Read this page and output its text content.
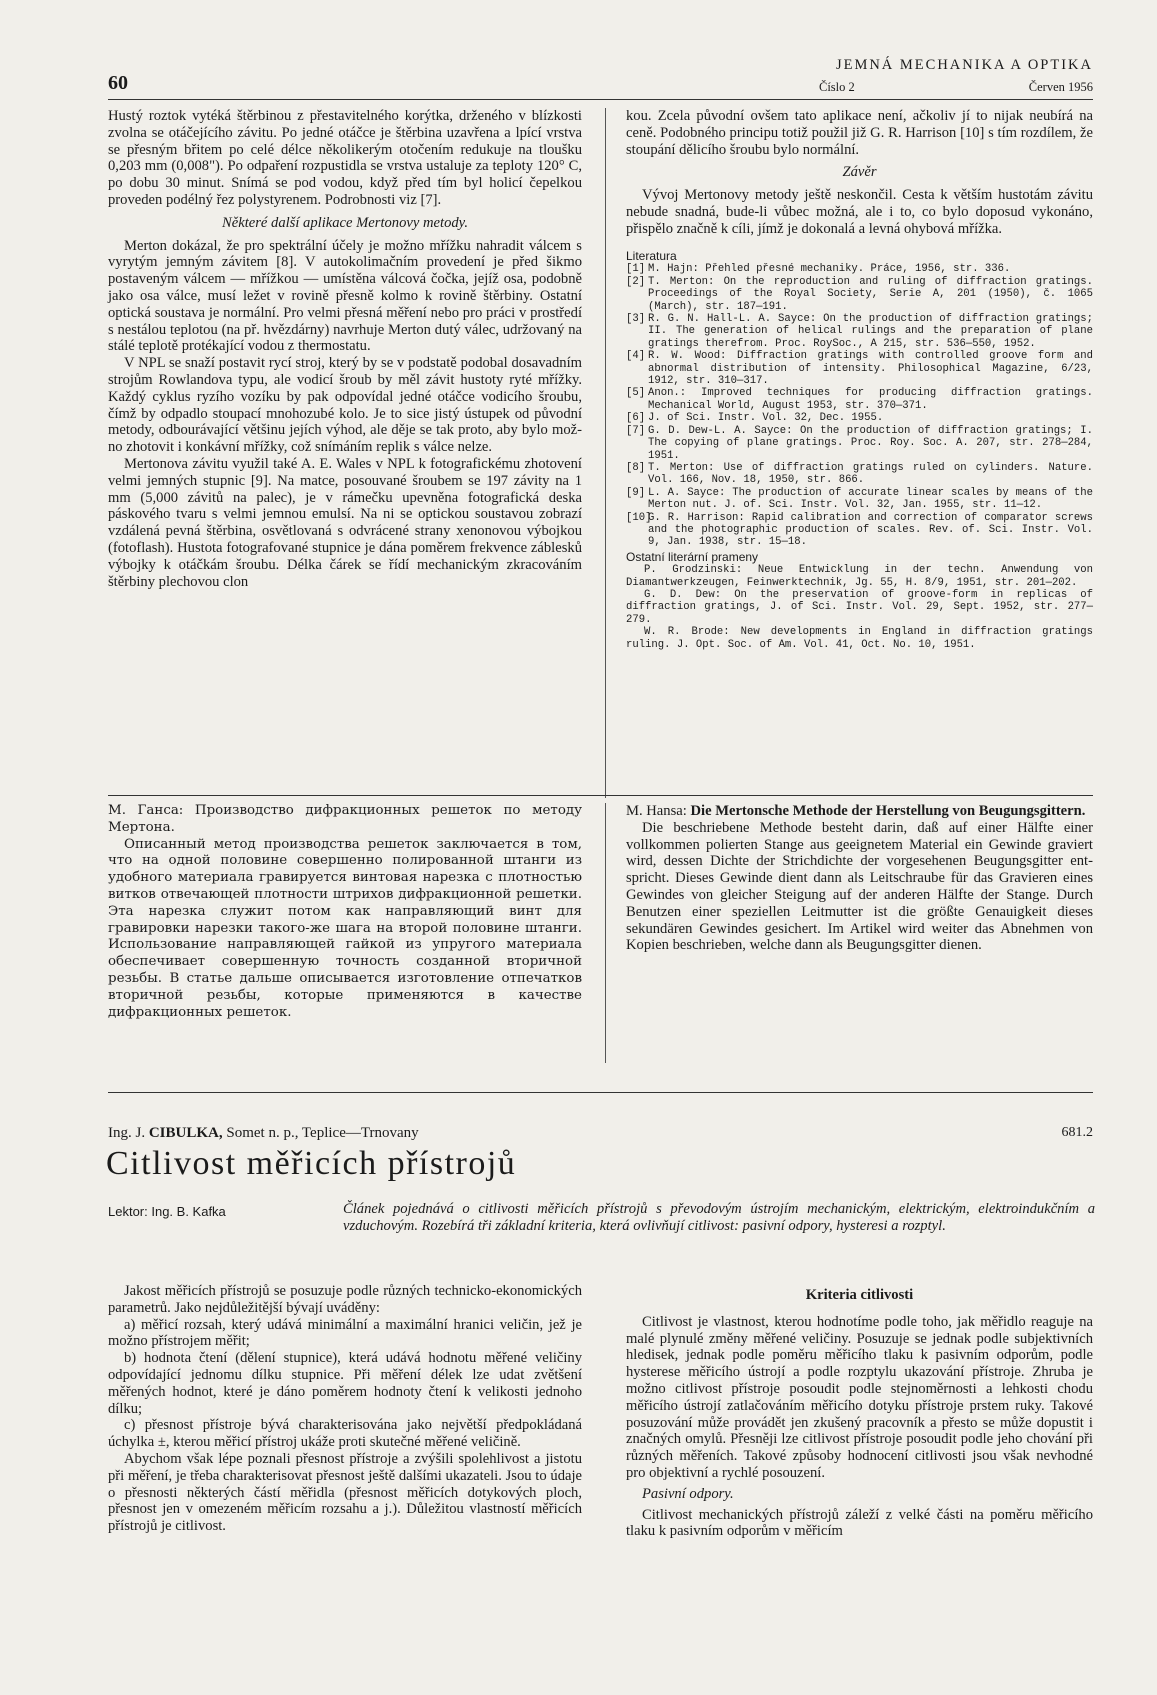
60
JEMNÁ MECHANIKA A OPTIKA
Číslo 2	Červen 1956

Hustý roztok vytéká štěrbinou z přestavitelného korýtka, drženého v blízkosti zvolna se otáčejícího závitu. Po jedné otáčce je štěrbina uzavřena a lpící vrstva se přesným břitem po celé délce několikerým otočením redukuje na tloušku 0,203 mm (0,008"). Po odpaření rozpustidla se vrstva ustaluje za teploty 120° C, po dobu 30 minut. Snímá se pod vodou, když před tím byl holicí čepelkou proveden podélný řez polystyrenem. Podrobnosti viz [7].

Některé další aplikace Mertonovy metody.

Merton dokázal, že pro spektrální účely je možno mřížku nahradit válcem s vyrytým jemným závitem [8]. V autokolimačním provedení je před šikmo postaveným válcem — mřížkou — umístěna válcová čočka, jejíž osa, podobně jako osa válce, musí ležet v rovině přesně kolmo k rovině štěrbiny. Ostatní optická soustava je normální. Pro velmi přesná měření nebo pro práci v prostředí s nestálou teplotou (na př. hvězdárny) navrhuje Merton dutý válec, udržovaný na stálé teplotě protékající vodou z thermostatu.

V NPL se snaží postavit rycí stroj, který by se v podstatě podobal dosavadním strojům Rowlandova typu, ale vodicí šroub by měl závit hustoty ryté mřížky. Každý cyklus ryzího vozíku by pak odpovídal jedné otáčce vodicího šroubu, čímž by odpadlo stoupací mnohozubé kolo. Je to sice jistý ústupek od původní metody, odbourávající většinu jejích výhod, ale děje se tak proto, aby bylo možno zhotovit i konkávní mřížky, což snímáním replik s válce nelze.

Mertonova závitu využil také A. E. Wales v NPL k fotografickému zhotovení velmi jemných stupnic [9]. Na matce, posouvané šroubem se 197 závity na 1 mm (5,000 závitů na palec), je v rámečku upevněna fotografická deska páskového tvaru s velmi jemnou emulsí. Na ni se optickou soustavou zobrazí vzdálená pevná štěrbina, osvětlovaná s odvrácené strany xenonovou výbojkou (fotoflash). Hustota fotografované stupnice je dána poměrem frekvence záblesků výbojky k otáčkám šroubu. Délka čárek se řídí mechanickým zkracováním štěrbiny plechovou clon

kou. Zcela původní ovšem tato aplikace není, ačkoliv jí to nijak neubírá na ceně. Podobného principu totiž použil již G. R. Harrison [10] s tím rozdílem, že stoupání dělicího šroubu bylo normální.

Závěr

Vývoj Mertonovy metody ještě neskončil. Cesta k větším hustotám závitu nebude snadná, bude-li vůbec možná, ale i to, co bylo doposud vykonáno, přispělo značně k cíli, jímž je dokonalá a levná ohybová mřížka.

Literatura
[1] M. Hajn: Přehled přesné mechaniky. Práce, 1956, str. 336.
[2] T. Merton: On the reproduction and ruling of diffraction gratings. Proceedings of the Royal Society, Serie A, 201 (1950), č. 1065 (March), str. 187—191.
[3] R. G. N. Hall-L. A. Sayce: On the production of diffraction gratings; II. The generation of helical rulings and the preparation of plane gratings therefrom. Proc. RoySoc., A 215, str. 536—550, 1952.
[4] R. W. Wood: Diffraction gratings with controlled groove form and abnormal distribution of intensity. Philosophical Magazine, 6/23, 1912, str. 310—317.
[5] Anon.: Improved techniques for producing diffraction gratings. Mechanical World, August 1953, str. 370—371.
[6] J. of Sci. Instr. Vol. 32, Dec. 1955.
[7] G. D. Dew-L. A. Sayce: On the production of diffraction gratings; I. The copying of plane gratings. Proc. Roy. Soc. A. 207, str. 278—284, 1951.
[8] T. Merton: Use of diffraction gratings ruled on cylinders. Nature. Vol. 166, Nov. 18, 1950, str. 866.
[9] L. A. Sayce: The production of accurate linear scales by means of the Merton nut. J. of. Sci. Instr. Vol. 32, Jan. 1955, str. 11—12.
[10]
G. R. Harrison: Rapid calibration and correction of comparator screws and the photographic production of scales. Rev. of. Sci. Instr. Vol. 9, Jan. 1938, str. 15—18.
Ostatní literární prameny
P. Grodzinski: Neue Entwicklung in der techn. Anwendung von Diamantwerkzeugen, Feinwerktechnik, Jg. 55, H. 8/9, 1951, str. 201—202.
G. D. Dew: On the preservation of groove-form in replicas of diffraction gratings, J. of Sci. Instr. Vol. 29, Sept. 1952, str. 277—279.
W. R. Brode: New developments in England in diffraction gratings ruling. J. Opt. Soc. of Am. Vol. 41, Oct. No. 10, 1951.

М. Ганса: Производство дифракционных решеток по методу Мертона.

Описанный метод производства решеток заключается в том, что на одной половине совершенно полированной штанги из удобного материала гравируется винтовая нарезка с плотностью витков отвечающей плотности штрихов дифракционной решетки. Эта нарезка служит потом как направляющий винт для гравировки нарезки такого-же шага на второй половине штанги. Использование направляющей гайкой из упругого материала обеспечивает совершенную точность созданной вторичной резьбы. В статье дальше описывается изготовление отпечатков вторичной резьбы, которые применяются в качестве дифракционных решеток.

M. Hansa: Die Mertonsche Methode der Herstellung von Beugungsgittern.

Die beschriebene Methode besteht darin, daß auf einer Hälfte einer vollkommen polierten Stange aus geeignetem Material ein Gewinde graviert wird, dessen Dichte der Strichdichte der vorgesehenen Beugungsgitter entspricht. Dieses Gewinde dient dann als Leitschraube für das Gravieren eines Gewindes von gleicher Steigung auf der anderen Hälfte der Stange. Durch Benutzen einer speziellen Leitmutter ist die größte Genauigkeit dieses sekundären Gewindes gesichert. Im Artikel wird weiter das Abnehmen von Kopien beschrieben, welche dann als Beugungsgitter dienen.

Ing. J. CIBULKA, Somet n. p., Teplice—Trnovany	681.2
Citlivost měřicích přístrojů
Lektor: Ing. B. Kafka	Článek pojednává o citlivosti měřicích přístrojů s převodovým ústrojím mechanickým, elektrickým, elektroindukčním a vzduchovým. Rozebírá tři základní kriteria, která ovlivňují citlivost: pasivní odpory, hysteresi a rozptyl.

Jakost měřicích přístrojů se posuzuje podle různých technicko-ekonomických parametrů. Jako nejdůležitější bývají uváděny:

a) měřicí rozsah, který udává minimální a maximální hranici veličin, jež je možno přístrojem měřit;

b) hodnota čtení (dělení stupnice), která udává hodnotu měřené veličiny odpovídající jednomu dílku stupnice. Při měření délek lze udat zvětšení měřených hodnot, které je dáno poměrem hodnoty čtení k velikosti jednoho dílku;

c) přesnost přístroje bývá charakterisována jako největší předpokládaná úchylka ±, kterou měřicí přístroj ukáže proti skutečné měřené veličině.

Abychom však lépe poznali přesnost přístroje a zvýšili spolehlivost a jistotu při měření, je třeba charakterisovat přesnost ještě dalšími ukazateli. Jsou to údaje o přesnosti některých částí měřidla (přesnost měřicích dotykových ploch, přesnost jen v omezeném měřicím rozsahu a j.). Důležitou vlastností měřicích přístrojů je citlivost.

Kriteria citlivosti

Citlivost je vlastnost, kterou hodnotíme podle toho, jak měřidlo reaguje na malé plynulé změny měřené veličiny. Posuzuje se jednak podle subjektivních hledisek, jednak podle poměru měřicího tlaku k pasivním odporům, podle hysterese měřicího ústrojí a podle rozptylu ukazování přístroje. Zhruba je možno citlivost přístroje posoudit podle stejnoměrnosti a lehkosti chodu měřicího ústrojí zatlačováním měřicího dotyku přístroje prstem ruky. Takové posuzování může provádět jen zkušený pracovník a přesto se může dopustit i značných omylů. Přesněji lze citlivost přístroje posoudit podle jeho chování při různých měřeních. Takové způsoby hodnocení citlivosti jsou však nevhodné pro objektivní a rychlé posouzení.

Pasivní odpory.

Citlivost mechanických přístrojů záleží z velké části na poměru měřicího tlaku k pasivním odporům v měřicím
